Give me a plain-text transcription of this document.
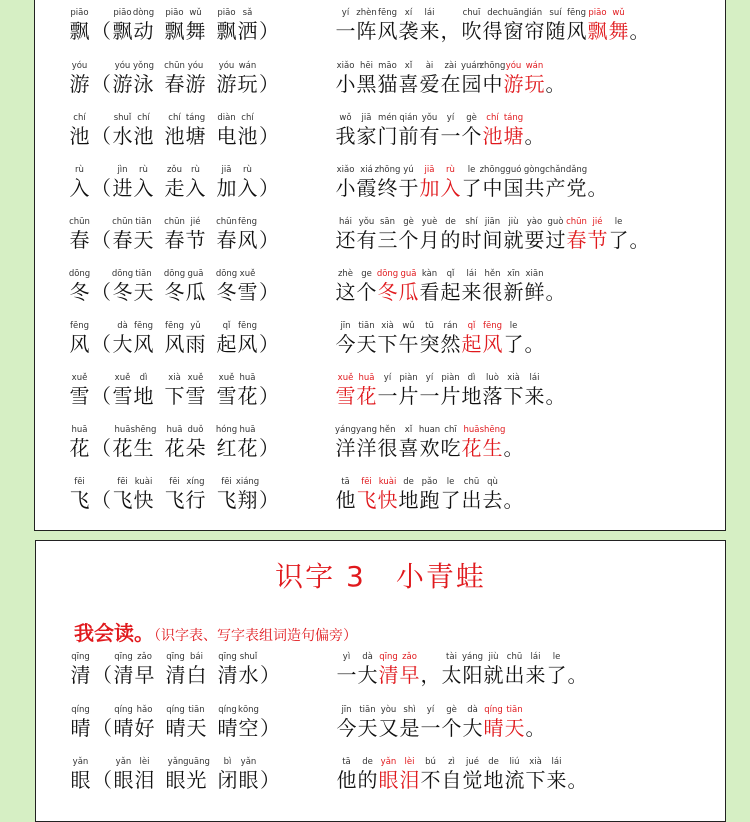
piāo
飘 （
piāo
飘
dòng
动
piāo
飘
wǔ
舞
piāo
飘
sǎ
洒 ）
yí
一
zhèn
阵
fēng
风
xí
袭
lái
来 ，
chuī
吹
de
得
chuāng
窗
lián
帘
suí
随
fēng
风
piāo
飘
wǔ
舞 。
yóu
游 （
yóu
游
yǒng
泳
chūn
春
yóu
游
yóu
游
wán
玩 ）
xiǎo
小
hēi
黑
māo
猫
xǐ
喜
ài
爱
zài
在
yuán
园
zhōng
中
yóu
游
wán
玩 。
chí
池 （
shuǐ
水
chí
池
chí
池
táng
塘
diàn
电
chí
池 ）
wǒ
我
jiā
家
mén
门
qián
前
yǒu
有
yí
一
gè
个
chí
池
táng
塘 。
rù
入 （
jìn
进
rù
入
zǒu
走
rù
入
jiā
加
rù
入 ）
xiǎo
小
xiá
霞
zhōng
终
yú
于
jiā
加
rù
入
le
了
zhōng
中
guó
国
gòng
共
chǎn
产
dǎng
党 。
chūn
春 （
chūn
春
tiān
天
chūn
春
jié
节
chūn
春
fēng
风 ）
hái
还
yǒu
有
sān
三
gè
个
yuè
月
de
的
shí
时
jiān
间
jiù
就
yào
要
guò
过
chūn
春
jié
节
le
了 。
dōng
冬 （
dōng
冬
tiān
天
dōng
冬
guā
瓜
dōng
冬
xuě
雪 ）
zhè
这
ge
个
dōng
冬
guā
瓜
kàn
看
qǐ
起
lái
来
hěn
很
xīn
新
xiān
鲜 。
fēng
风 （
dà
大
fēng
风
fēng
风
yǔ
雨
qǐ
起
fēng
风 ）
jīn
今
tiān
天
xià
下
wǔ
午
tū
突
rán
然
qǐ
起
fēng
风
le
了 。
xuě
雪 （
xuě
雪
dì
地
xià
下
xuě
雪
xuě
雪
huā
花 ）
xuě
雪
huā
花
yí
一
piàn
片
yí
一
piàn
片
dì
地
luò
落
xià
下
lái
来 。
huā
花 （
huā
花
shēng
生
huā
花
duǒ
朵
hóng
红
huā
花 ）
yáng
洋
yang
洋
hěn
很
xǐ
喜
huan
欢
chī
吃
huā
花
shēng
生 。
fēi
飞 （
fēi
飞
kuài
快
fēi
飞
xíng
行
fēi
飞
xiáng
翔 ）
tā
他
fēi
飞
kuài
快
de
地
pǎo
跑
le
了
chū
出
qù
去 。
识字 3　小青蛙
我会读。（识字表、写字表组词造句偏旁）
qīng
清 （
qīng
清
zǎo
早
qīng
清
bái
白
qīng
清
shuǐ
水 ）
yì
一
dà
大
qīng
清
zǎo
早 ，
tài
太
yáng
阳
jiù
就
chū
出
lái
来
le
了 。
qíng
晴 （
qíng
晴
hǎo
好
qíng
晴
tiān
天
qíng
晴
kōng
空 ）
jīn
今
tiān
天
yòu
又
shì
是
yí
一
gè
个
dà
大
qíng
晴
tiān
天 。
yǎn
眼 （
yǎn
眼
lèi
泪
yǎn
眼
guāng
光
bì
闭
yǎn
眼 ）
tā
他
de
的
yǎn
眼
lèi
泪
bú
不
zì
自
jué
觉
de
地
liú
流
xià
下
lái
来 。
